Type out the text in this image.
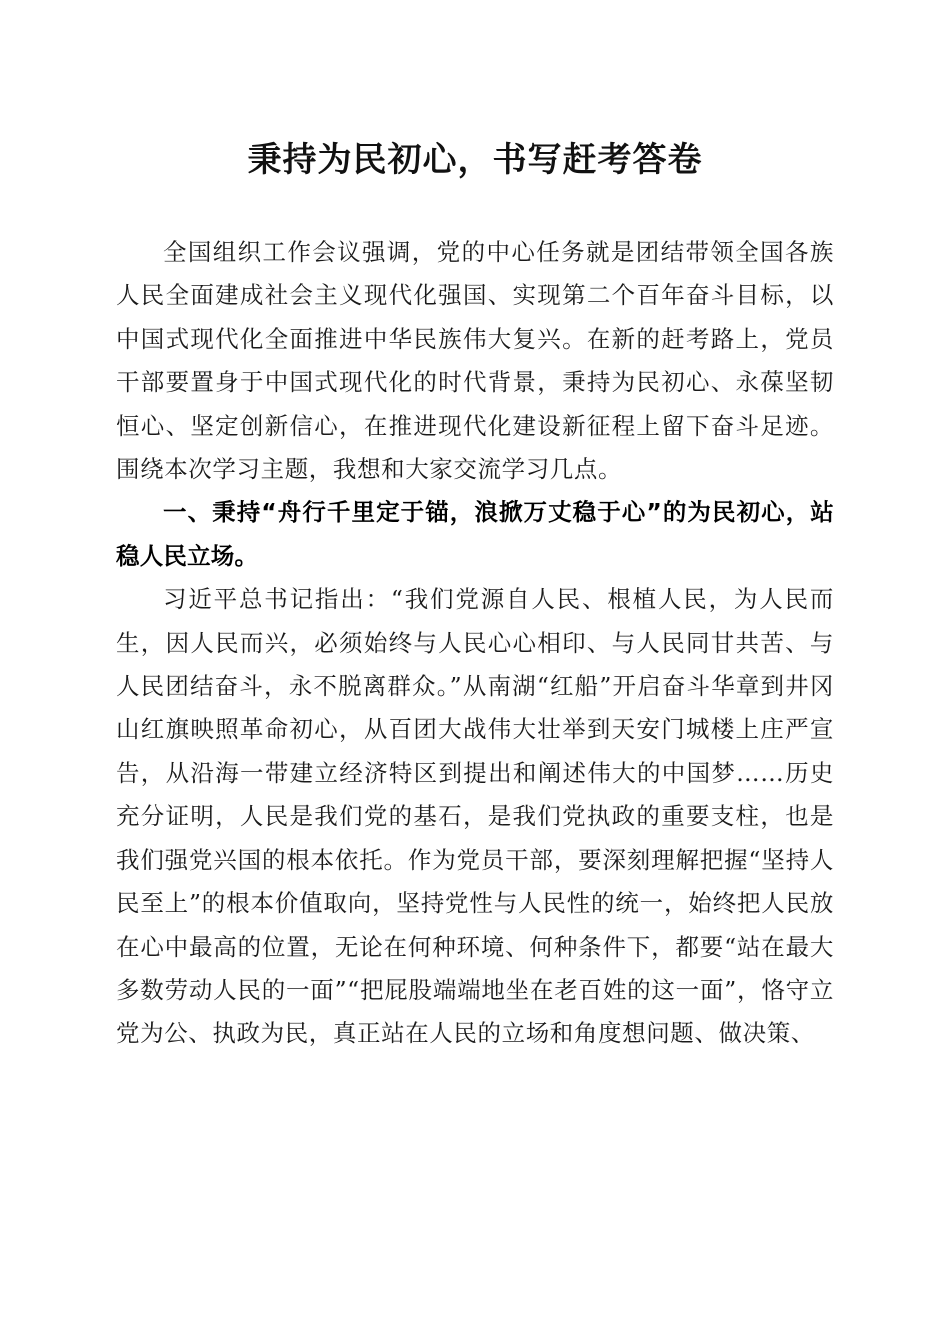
秉持为民初心，书写赶考答卷

全国组织工作会议强调，党的中心任务就是团结带领全国各族人民全面建成社会主义现代化强国、实现第二个百年奋斗目标，以中国式现代化全面推进中华民族伟大复兴。在新的赶考路上，党员干部要置身于中国式现代化的时代背景，秉持为民初心、永葆坚韧恒心、坚定创新信心，在推进现代化建设新征程上留下奋斗足迹。围绕本次学习主题，我想和大家交流学习几点。

一、秉持“舟行千里定于锚，浪掀万丈稳于心”的为民初心，站稳人民立场。

习近平总书记指出：“我们党源自人民、根植人民，为人民而生，因人民而兴，必须始终与人民心心相印、与人民同甘共苦、与人民团结奋斗，永不脱离群众。”从南湖“红船”开启奋斗华章到井冈山红旗映照革命初心，从百团大战伟大壮举到天安门城楼上庄严宣告，从沿海一带建立经济特区到提出和阐述伟大的中国梦……历史充分证明，人民是我们党的基石，是我们党执政的重要支柱，也是我们强党兴国的根本依托。作为党员干部，要深刻理解把握“坚持人民至上”的根本价值取向，坚持党性与人民性的统一，始终把人民放在心中最高的位置，无论在何种环境、何种条件下，都要“站在最大多数劳动人民的一面”“把屁股端端地坐在老百姓的这一面”，恪守立党为公、执政为民，真正站在人民的立场和角度想问题、做决策、
